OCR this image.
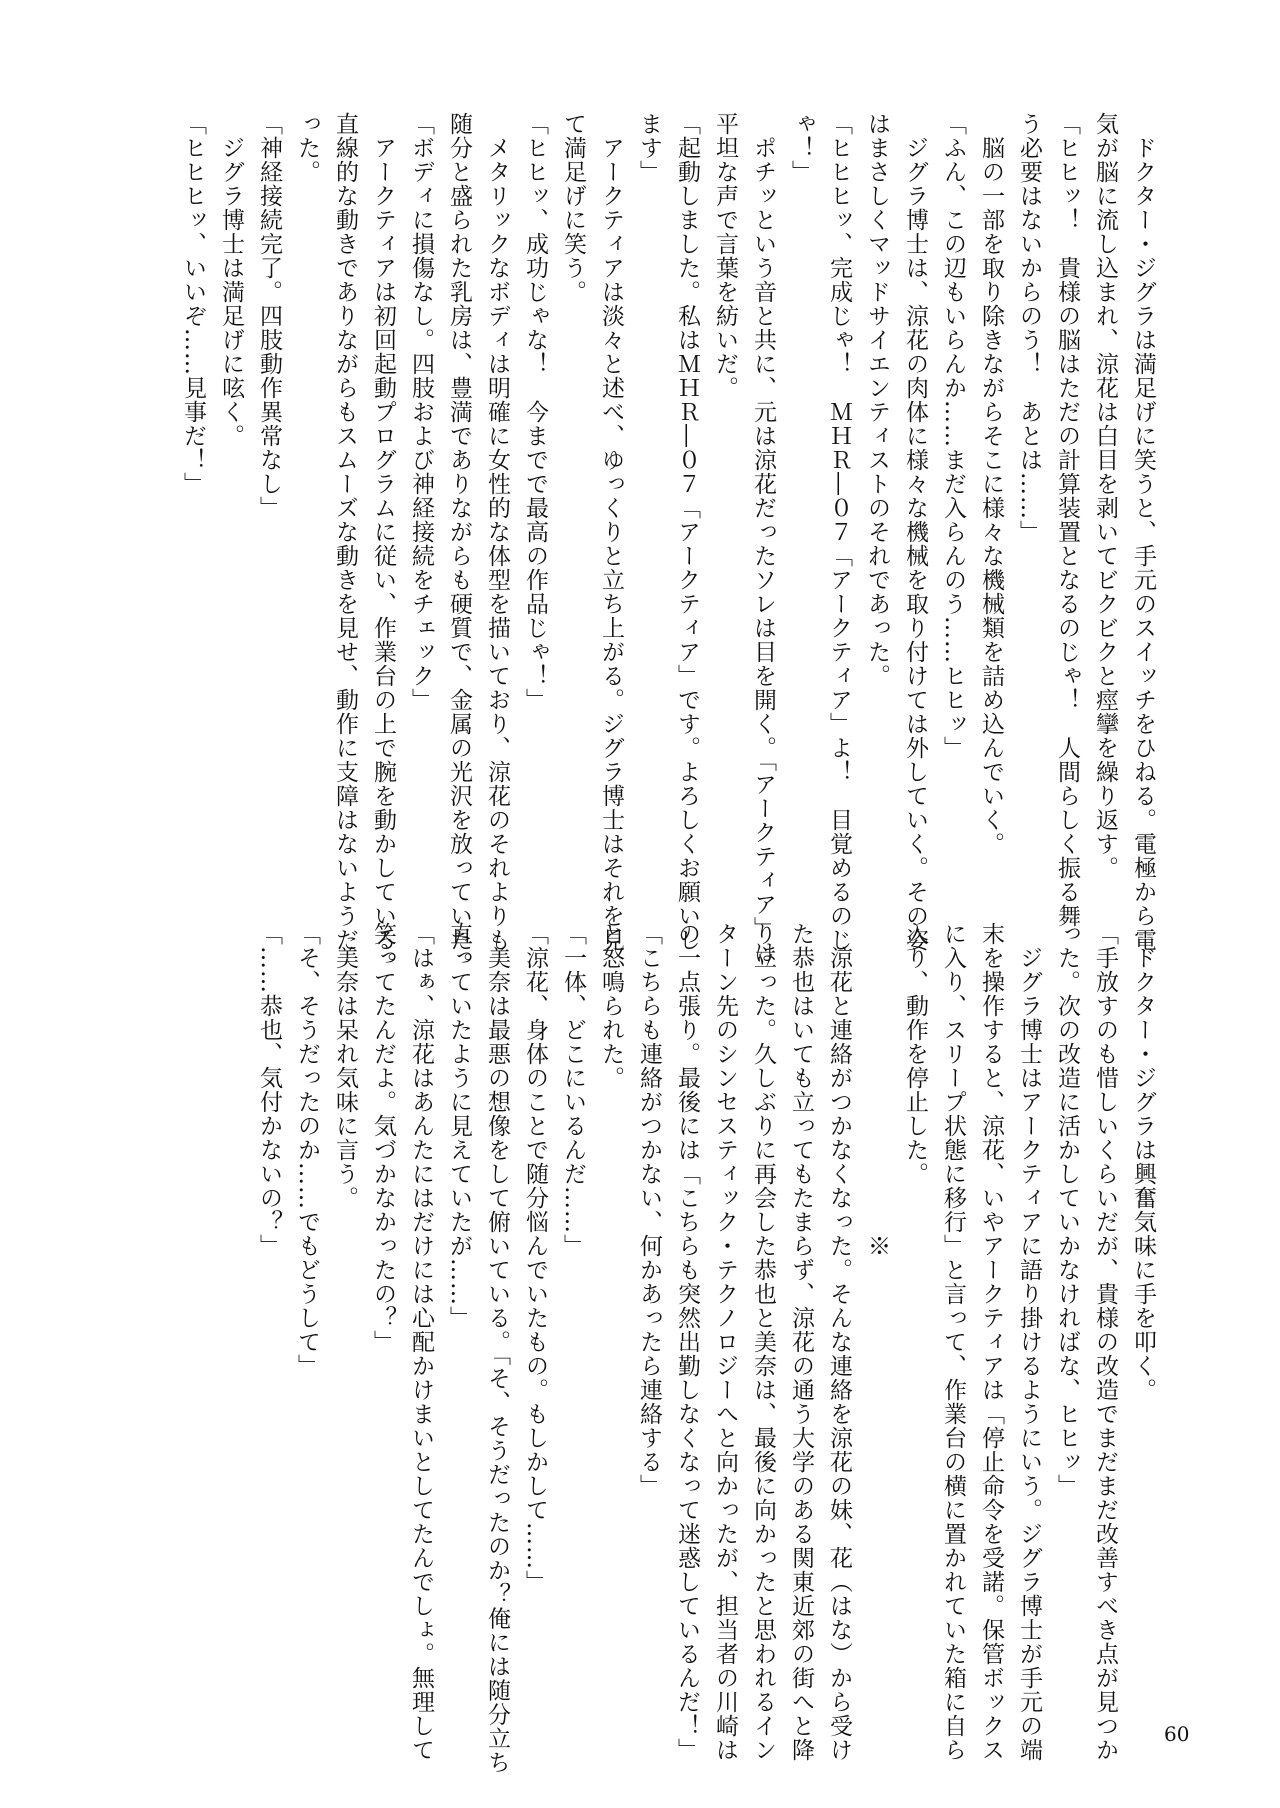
　ドクター・ジグラは満足げに笑うと、手元のスイッチをひねる。電極から電
気が脳に流し込まれ、涼花は白目を剥いてビクビクと痙攣を繰り返す。
「ヒヒッ！　貴様の脳はただの計算装置となるのじゃ！　人間らしく振る舞
う必要はないからのう！　あとは……」
　脳の一部を取り除きながらそこに様々な機械類を詰め込んでいく。
「ふん、この辺もいらんか……まだ入らんのう……ヒヒッ」
　ジグラ博士は、涼花の肉体に様々な機械を取り付けては外していく。その姿
はまさしくマッドサイエンティストのそれであった。
「ヒヒヒッ、完成じゃ！　ＭＨＲ―０７「アークティア」よ！　目覚めるのじ
ゃ！」
　ポチッという音と共に、元は涼花だったソレは目を開く。「アークティア」は
平坦な声で言葉を紡いだ。
「起動しました。私はＭＨＲ―０７「アークティア」です。よろしくお願いし
ます」
　アークティアは淡々と述べ、ゆっくりと立ち上がる。ジグラ博士はそれを見
て満足げに笑う。
「ヒヒッ、成功じゃな！　今までで最高の作品じゃ！」
　メタリックなボディは明確に女性的な体型を描いており、涼花のそれよりも
随分と盛られた乳房は、豊満でありながらも硬質で、金属の光沢を放っていた。
「ボディに損傷なし。四肢および神経接続をチェック」
　アークティアは初回起動プログラムに従い、作業台の上で腕を動かしている。
直線的な動きでありながらもスムーズな動きを見せ、動作に支障はないようだ
った。
「神経接続完了。四肢動作異常なし」
　ジグラ博士は満足げに呟く。
「ヒヒヒッ、いいぞ……見事だ！」
　ドクター・ジグラは興奮気味に手を叩く。
「手放すのも惜しいくらいだが、貴様の改造でまだまだ改善すべき点が見つか
った。次の改造に活かしていかなければな、ヒヒッ」
　ジグラ博士はアークティアに語り掛けるようにいう。ジグラ博士が手元の端
末を操作すると、涼花、いやアークティアは「停止命令を受諾。保管ボックス
に入り、スリープ状態に移行」と言って、作業台の横に置かれていた箱に自ら
入り、動作を停止した。
　　　　　　　　　　　　　※
　涼花と連絡がつかなくなった。そんな連絡を涼花の妹、花（はな）から受け
た恭也はいても立ってもたまらず、涼花の通う大学のある関東近郊の街へと降
り立った。久しぶりに再会した恭也と美奈は、最後に向かったと思われるイン
ターン先のシンセスティック・テクノロジーへと向かったが、担当者の川崎は
の一点張り。最後には「こちらも突然出勤しなくなって迷惑しているんだ！」
「こちらも連絡がつかない、何かあったら連絡する」
と怒鳴られた。
「一体、どこにいるんだ……」
「涼花、身体のことで随分悩んでいたもの。もしかして……」
　美奈は最悪の想像をして俯いている。「そ、そうだったのか？俺には随分立ち
直っていたように見えていたが……」
「はぁ、涼花はあんたにはだけには心配かけまいとしてたんでしょ。無理して
笑ってたんだよ。気づかなかったの？」
　美奈は呆れ気味に言う。
「そ、そうだったのか……でもどうして」
「……恭也、気付かないの？」
60
